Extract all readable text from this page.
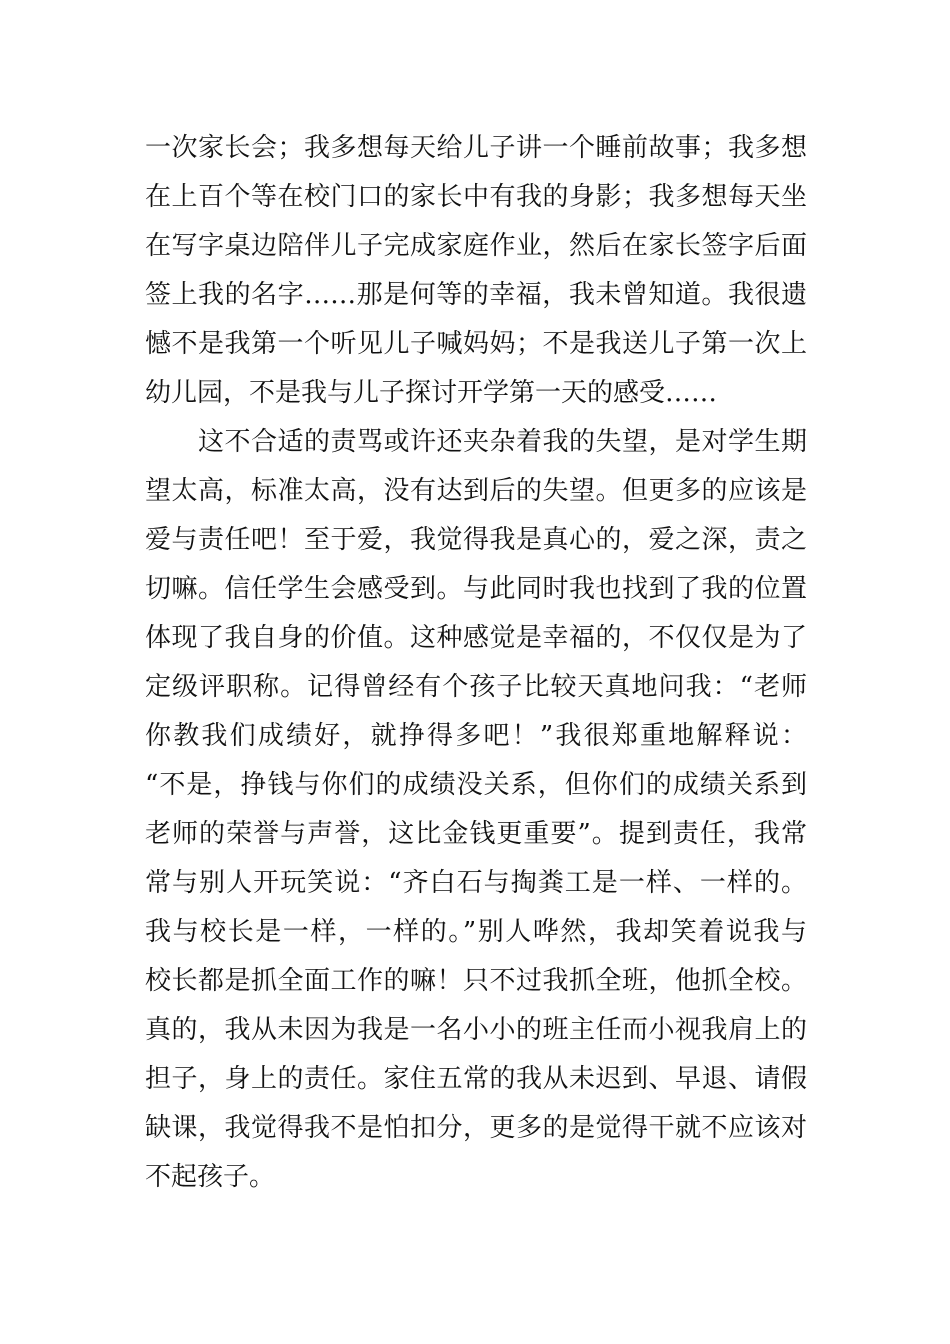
一次家长会；我多想每天给儿子讲一个睡前故事；我多想
在上百个等在校门口的家长中有我的身影；我多想每天坐
在写字桌边陪伴儿子完成家庭作业，然后在家长签字后面
签上我的名字……那是何等的幸福，我未曾知道。我很遗
憾不是我第一个听见儿子喊妈妈；不是我送儿子第一次上
幼儿园，不是我与儿子探讨开学第一天的感受……
　　这不合适的责骂或许还夹杂着我的失望，是对学生期
望太高，标准太高，没有达到后的失望。但更多的应该是
爱与责任吧！至于爱，我觉得我是真心的，爱之深，责之
切嘛。信任学生会感受到。与此同时我也找到了我的位置
体现了我自身的价值。这种感觉是幸福的，不仅仅是为了
定级评职称。记得曾经有个孩子比较天真地问我：“老师
你教我们成绩好，就挣得多吧！”我很郑重地解释说：
“不是，挣钱与你们的成绩没关系，但你们的成绩关系到
老师的荣誉与声誉，这比金钱更重要”。提到责任，我常
常与别人开玩笑说：“齐白石与掏粪工是一样、一样的。
我与校长是一样，一样的。”别人哗然，我却笑着说我与
校长都是抓全面工作的嘛！只不过我抓全班，他抓全校。
真的，我从未因为我是一名小小的班主任而小视我肩上的
担子，身上的责任。家住五常的我从未迟到、早退、请假
缺课，我觉得我不是怕扣分，更多的是觉得干就不应该对
不起孩子。
